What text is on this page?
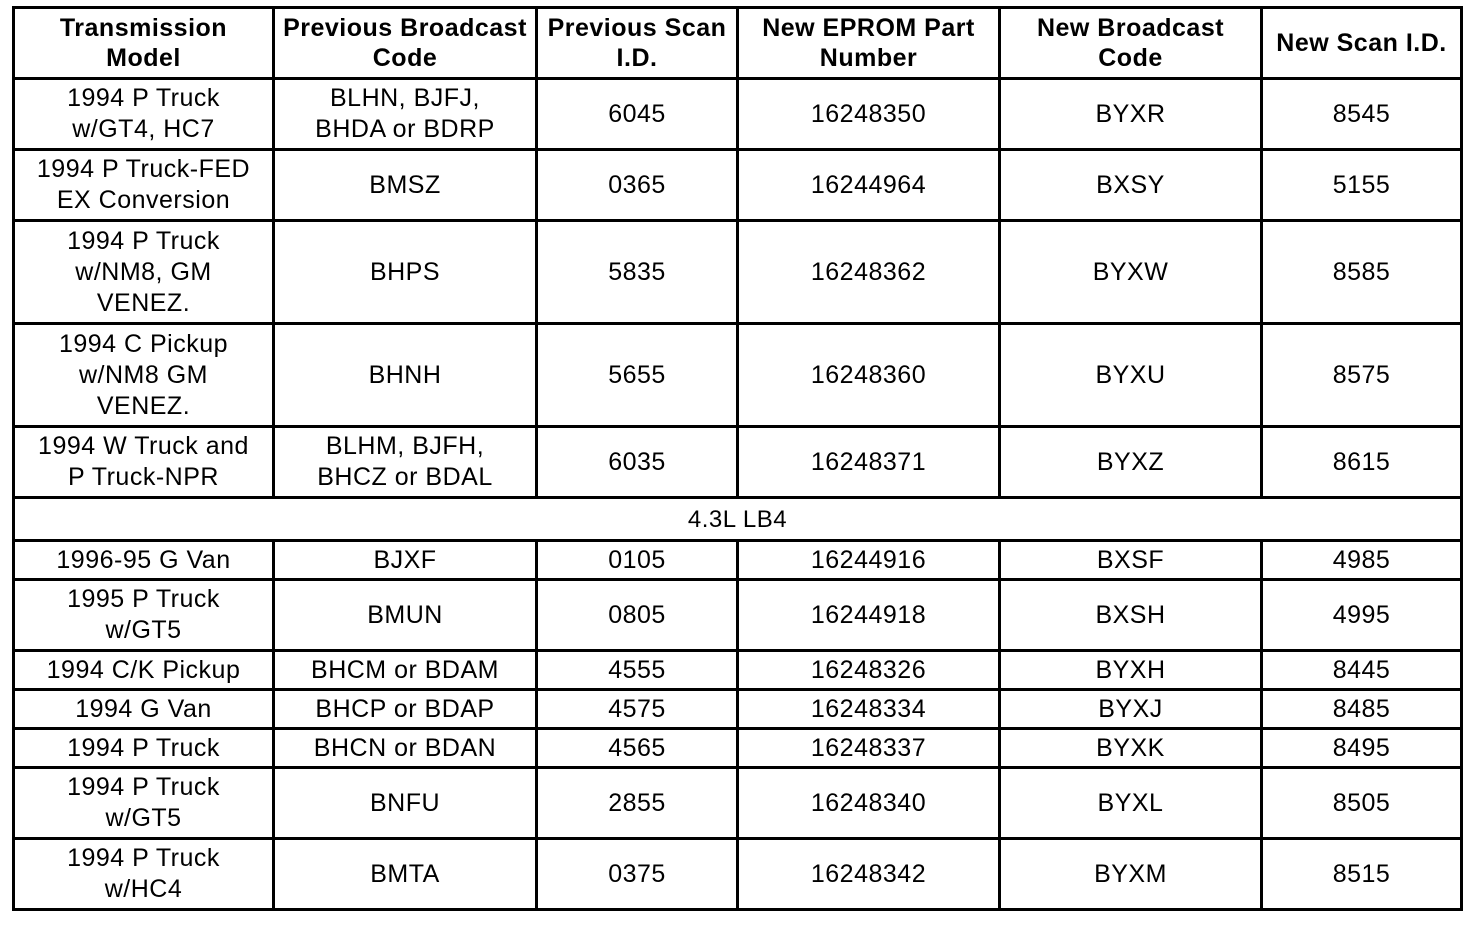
Transmission Model	Previous Broadcast Code	Previous Scan I.D.	New EPROM Part Number	New Broadcast Code	New Scan I.D.

1994 P Truck
w/GT4, HC7	BLHN, BJFJ,
BHDA or BDRP	6045	16248350	BYXR	8545

1994 P Truck-FED
EX Conversion	BMSZ	0365	16244964	BXSY	5155

1994 P Truck
w/NM8, GM
VENEZ.	BHPS	5835	16248362	BYXW	8585

1994 C Pickup
w/NM8 GM
VENEZ.	BHNH	5655	16248360	BYXU	8575

1994 W Truck and
P Truck-NPR	BLHM, BJFH,
BHCZ or BDAL	6035	16248371	BYXZ	8615
4.3L LB4					

1996-95 G Van	BJXF	0105	16244916	BXSF	4985

1995 P Truck
w/GT5	BMUN	0805	16244918	BXSH	4995

1994 C/K Pickup	BHCM or BDAM	4555	16248326	BYXH	8445

1994 G Van	BHCP or BDAP	4575	16248334	BYXJ	8485

1994 P Truck	BHCN or BDAN	4565	16248337	BYXK	8495

1994 P Truck
w/GT5	BNFU	2855	16248340	BYXL	8505

1994 P Truck
w/HC4	BMTA	0375	16248342	BYXM	8515
